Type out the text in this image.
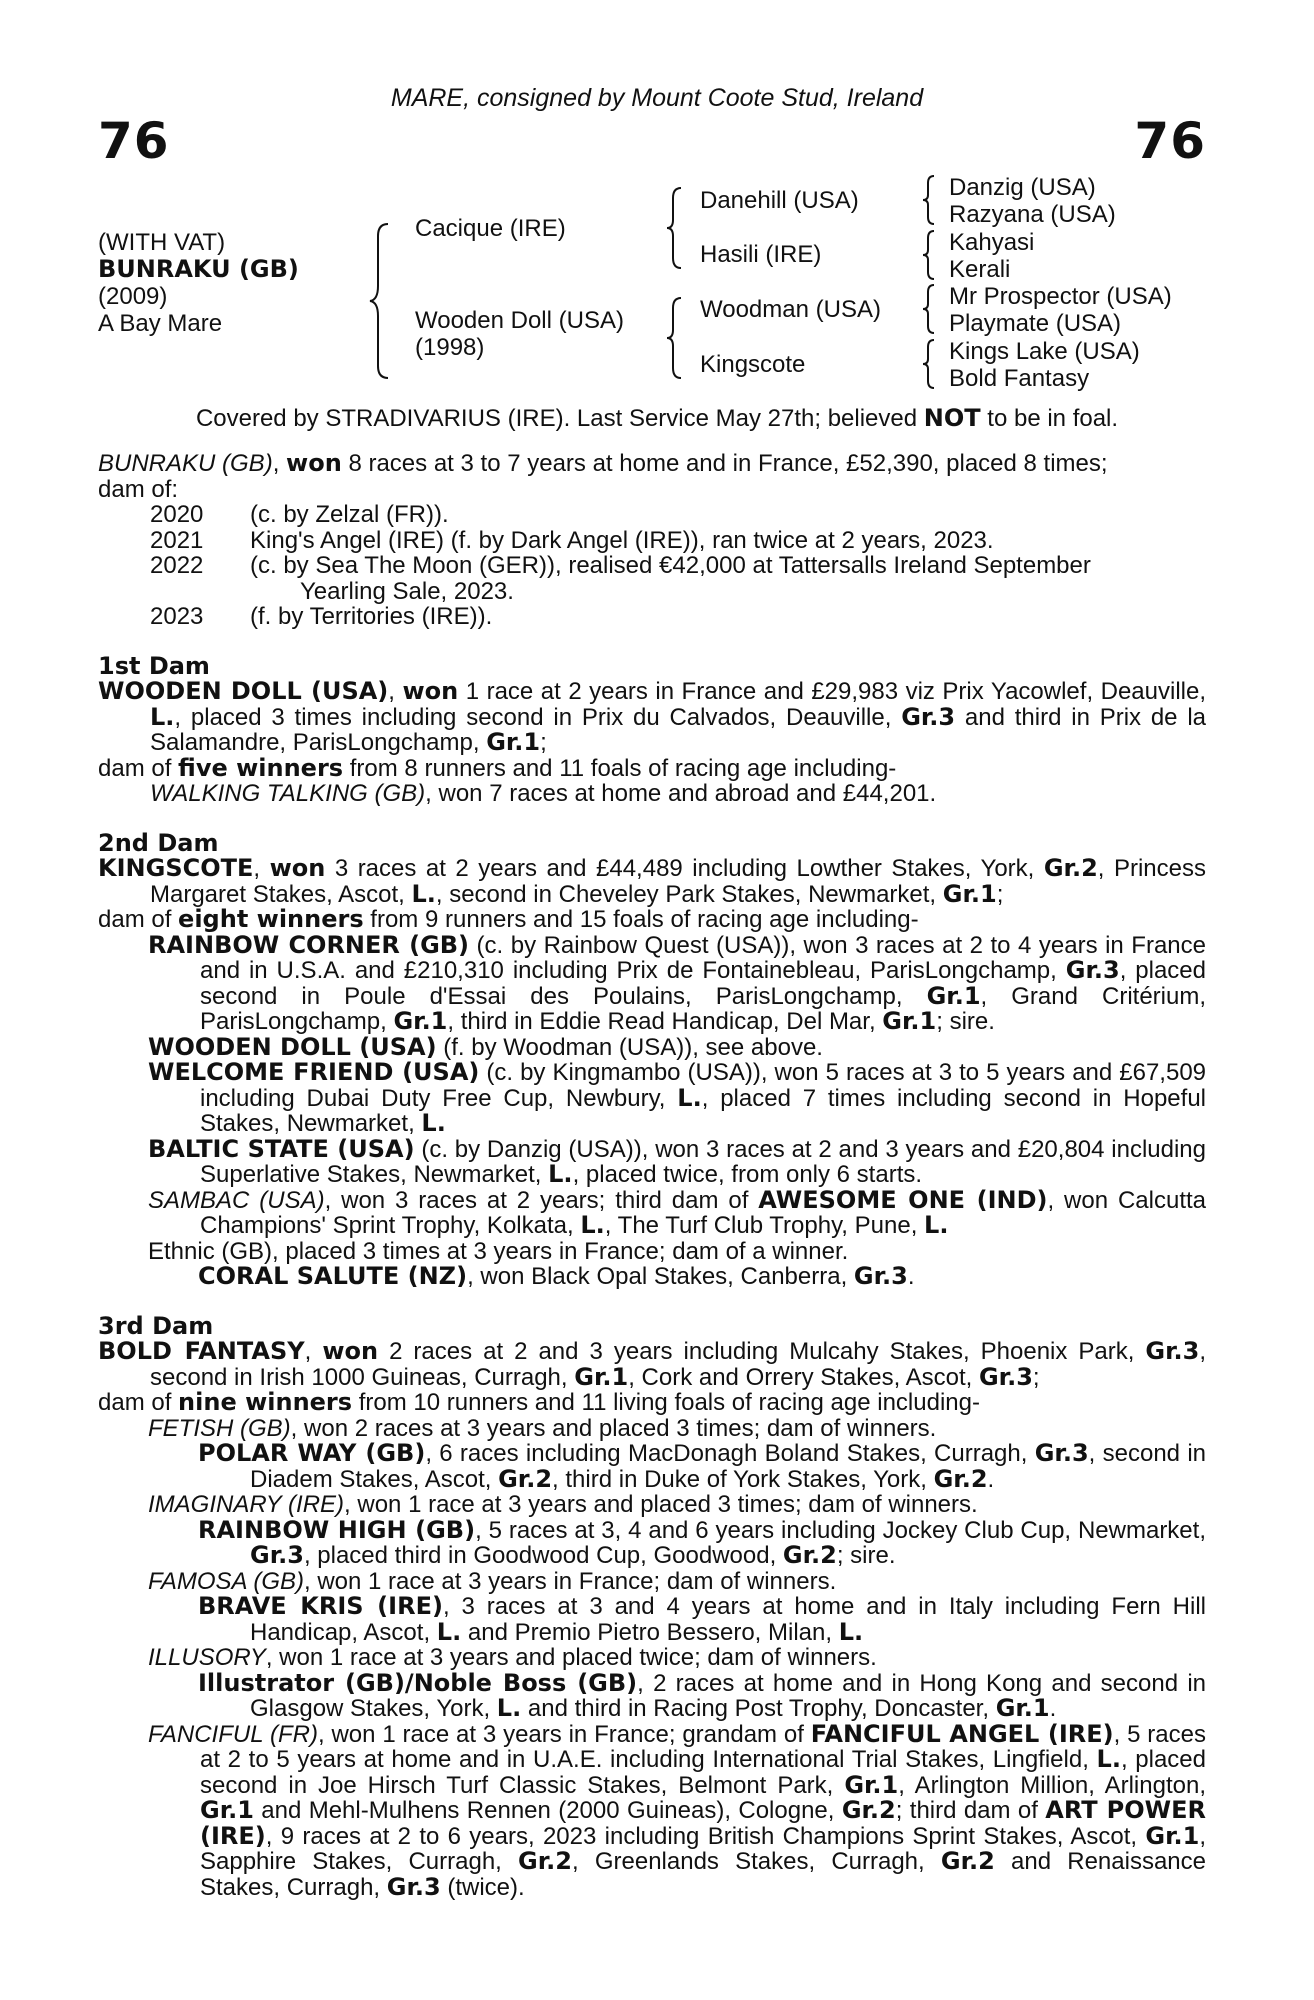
76	76
MARE, consigned by Mount Coote Stud, Ireland
(WITH VAT)
BUNRAKU (GB)
(2009)
A Bay Mare
Cacique (IRE)
Wooden Doll (USA)
(1998)
Danehill (USA)
Hasili (IRE)
Woodman (USA)
Kingscote
Danzig (USA)
Razyana (USA)
Kahyasi
Kerali
Mr Prospector (USA)
Playmate (USA)
Kings Lake (USA)
Bold Fantasy
Covered by STRADIVARIUS (IRE). Last Service May 27th; believed NOT to be in foal.

BUNRAKU (GB), won 8 races at 3 to 7 years at home and in France, £52,390, placed 8 times;

dam of:

2020	(c. by Zelzal (FR)).
2021	King's Angel (IRE) (f. by Dark Angel (IRE)), ran twice at 2 years, 2023.
2022	(c. by Sea The Moon (GER)), realised €42,000 at Tattersalls Ireland September
Yearling Sale, 2023.
2023	(f. by Territories (IRE)).

1st Dam

WOODEN DOLL (USA), won 1 race at 2 years in France and £29,983 viz Prix Yacowlef, Deauville, L., placed 3 times including second in Prix du Calvados, Deauville, Gr.3 and third in Prix de la Salamandre, ParisLongchamp, Gr.1;

dam of five winners from 8 runners and 11 foals of racing age including-

WALKING TALKING (GB), won 7 races at home and abroad and £44,201.

2nd Dam

KINGSCOTE, won 3 races at 2 years and £44,489 including Lowther Stakes, York, Gr.2, Princess Margaret Stakes, Ascot, L., second in Cheveley Park Stakes, Newmarket, Gr.1;

dam of eight winners from 9 runners and 15 foals of racing age including-

RAINBOW CORNER (GB) (c. by Rainbow Quest (USA)), won 3 races at 2 to 4 years in France and in U.S.A. and £210,310 including Prix de Fontainebleau, ParisLongchamp, Gr.3, placed second in Poule d'Essai des Poulains, ParisLongchamp, Gr.1, Grand Critérium, ParisLongchamp, Gr.1, third in Eddie Read Handicap, Del Mar, Gr.1; sire.

WOODEN DOLL (USA) (f. by Woodman (USA)), see above.

WELCOME FRIEND (USA) (c. by Kingmambo (USA)), won 5 races at 3 to 5 years and £67,509 including Dubai Duty Free Cup, Newbury, L., placed 7 times including second in Hopeful Stakes, Newmarket, L.

BALTIC STATE (USA) (c. by Danzig (USA)), won 3 races at 2 and 3 years and £20,804 including Superlative Stakes, Newmarket, L., placed twice, from only 6 starts.

SAMBAC (USA), won 3 races at 2 years; third dam of AWESOME ONE (IND), won Calcutta Champions' Sprint Trophy, Kolkata, L., The Turf Club Trophy, Pune, L.

Ethnic (GB), placed 3 times at 3 years in France; dam of a winner.

CORAL SALUTE (NZ), won Black Opal Stakes, Canberra, Gr.3.

3rd Dam

BOLD FANTASY, won 2 races at 2 and 3 years including Mulcahy Stakes, Phoenix Park, Gr.3, second in Irish 1000 Guineas, Curragh, Gr.1, Cork and Orrery Stakes, Ascot, Gr.3;

dam of nine winners from 10 runners and 11 living foals of racing age including-

FETISH (GB), won 2 races at 3 years and placed 3 times; dam of winners.

POLAR WAY (GB), 6 races including MacDonagh Boland Stakes, Curragh, Gr.3, second in Diadem Stakes, Ascot, Gr.2, third in Duke of York Stakes, York, Gr.2.

IMAGINARY (IRE), won 1 race at 3 years and placed 3 times; dam of winners.

RAINBOW HIGH (GB), 5 races at 3, 4 and 6 years including Jockey Club Cup, Newmarket, Gr.3, placed third in Goodwood Cup, Goodwood, Gr.2; sire.

FAMOSA (GB), won 1 race at 3 years in France; dam of winners.

BRAVE KRIS (IRE), 3 races at 3 and 4 years at home and in Italy including Fern Hill Handicap, Ascot, L. and Premio Pietro Bessero, Milan, L.

ILLUSORY, won 1 race at 3 years and placed twice; dam of winners.

Illustrator (GB)/Noble Boss (GB), 2 races at home and in Hong Kong and second in Glasgow Stakes, York, L. and third in Racing Post Trophy, Doncaster, Gr.1.

FANCIFUL (FR), won 1 race at 3 years in France; grandam of FANCIFUL ANGEL (IRE), 5 races at 2 to 5 years at home and in U.A.E. including International Trial Stakes, Lingfield, L., placed second in Joe Hirsch Turf Classic Stakes, Belmont Park, Gr.1, Arlington Million, Arlington, Gr.1 and Mehl-Mulhens Rennen (2000 Guineas), Cologne, Gr.2; third dam of ART POWER (IRE), 9 races at 2 to 6 years, 2023 including British Champions Sprint Stakes, Ascot, Gr.1, Sapphire Stakes, Curragh, Gr.2, Greenlands Stakes, Curragh, Gr.2 and Renaissance Stakes, Curragh, Gr.3 (twice).
